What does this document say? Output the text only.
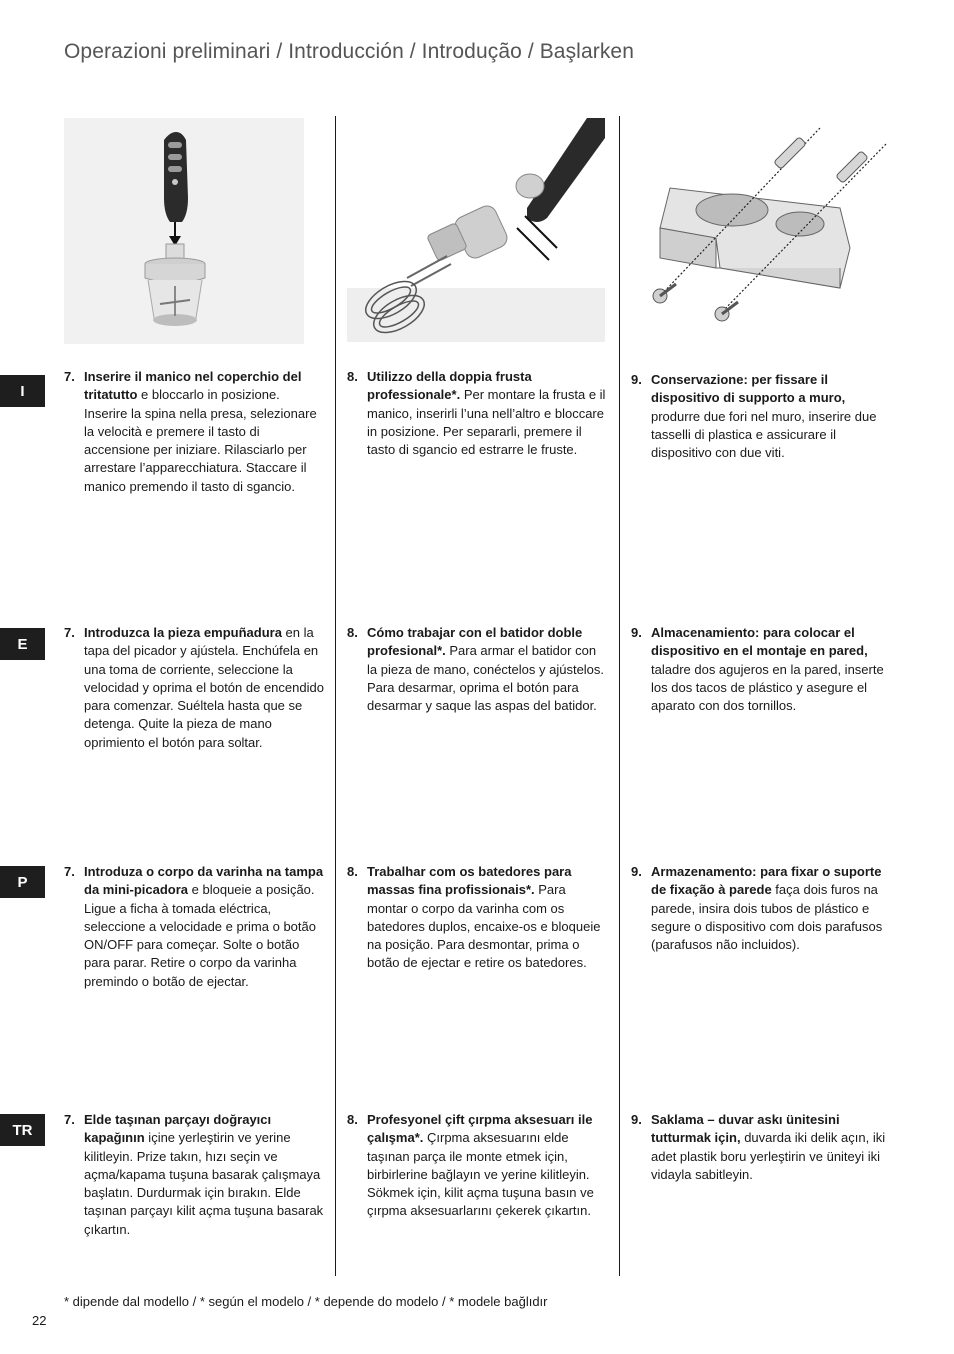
Operazioni preliminari / Introducción / Introdução / Başlarken
I
7. Inserire il manico nel coperchio del tritatutto e bloccarlo in posizione. Inserire la spina nella presa, selezionare la velocità e premere il tasto di accensione per iniziare. Rilasciarlo per arrestare l’apparecchiatura. Staccare il manico premendo il tasto di sgancio.
8. Utilizzo della doppia frusta professionale*. Per montare la frusta e il manico, inserirli l’una nell’altro e bloccare in posizione. Per separarli, premere il tasto di sgancio ed estrarre le fruste.
9. Conservazione: per fissare il dispositivo di supporto a muro, produrre due fori nel muro, inserire due tasselli di plastica e assicurare il dispositivo con due viti.
E
7. Introduzca la pieza empuñadura en la tapa del picador y ajústela. Enchúfela en una toma de corriente, seleccione la velocidad y oprima el botón de encendido para comenzar. Suéltela hasta que se detenga. Quite la pieza de mano oprimiento el botón para soltar.
8. Cómo trabajar con el batidor doble profesional*. Para armar el batidor con la pieza de mano, conéctelos y ajústelos. Para desarmar, oprima el botón para desarmar y saque las aspas del batidor.
9. Almacenamiento: para colocar el dispositivo en el montaje en pared, taladre dos agujeros en la pared, inserte los dos tacos de plástico y asegure el aparato con dos tornillos.
P
7. Introduza o corpo da varinha na tampa da mini-picadora e bloqueie a posição. Ligue a ficha à tomada eléctrica, seleccione a velocidade e prima o botão ON/OFF para começar. Solte o botão para parar. Retire o corpo da varinha premindo o botão de ejectar.
8. Trabalhar com os batedores para massas fina profissionais*. Para montar o corpo da varinha com os batedores duplos, encaixe-os e bloqueie na posição. Para desmontar, prima o botão de ejectar e retire os batedores.
9. Armazenamento: para fixar o suporte de fixação à parede faça dois furos na parede, insira dois tubos de plástico e segure o dispositivo com dois parafusos (parafusos não incluidos).
TR
7. Elde taşınan parçayı doğrayıcı kapağının içine yerleştirin ve yerine kilitleyin. Prize takın, hızı seçin ve açma/kapama tuşuna basarak çalışmaya başlatın. Durdurmak için bırakın. Elde taşınan parçayı kilit açma tuşuna basarak çıkartın.
8. Profesyonel çift çırpma aksesuarı ile çalışma*. Çırpma aksesuarını elde taşınan parça ile monte etmek için, birbirlerine bağlayın ve yerine kilitleyin. Sökmek için, kilit açma tuşuna basın ve çırpma aksesuarlarını çekerek çıkartın.
9. Saklama – duvar askı ünitesini tutturmak için, duvarda iki delik açın, iki adet plastik boru yerleştirin ve üniteyi iki vidayla sabitleyin.
* dipende dal modello / * según el modelo / * depende do modelo / * modele bağlıdır
22
